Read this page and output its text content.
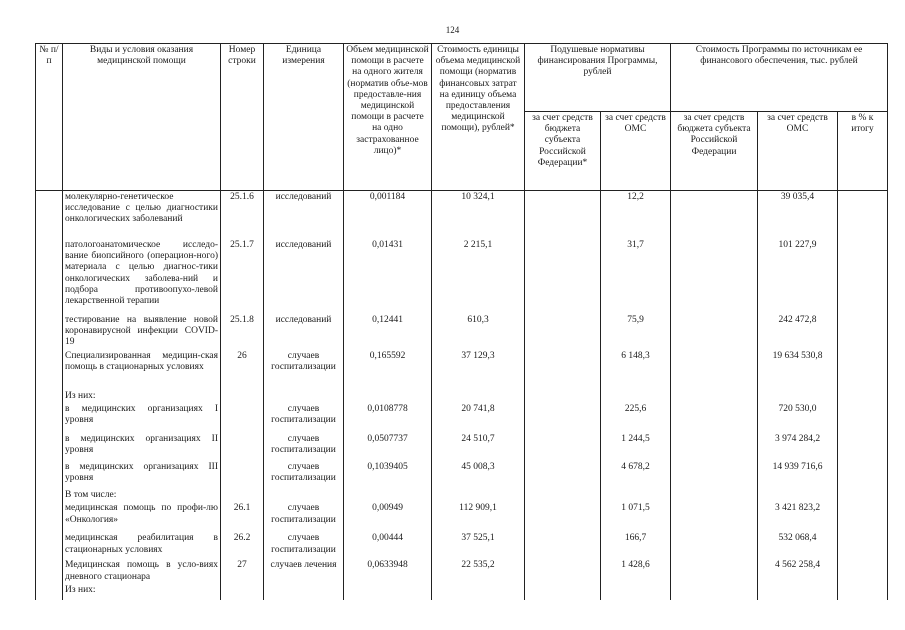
124
№ п/п	Виды и условия оказания медицинской помощи	Номер строки	Единица измерения	Объем медицинской помощи в расчете на одного жителя (норматив объе-мов предоставле-ния медицинской помощи в расчете на одно застрахованное лицо)*	Стоимость единицы объема медицинской помощи (норматив финансовых затрат на единицу объема предоставления медицинской помощи), рублей*	Подушевые нормативы финансирования Программы, рублей		Стоимость Программы по источникам ее финансового обеспечения, тыс. рублей		
						за счет средств бюджета субъекта Российской Федерации*	за счет средств ОМС	за счет средств бюджета субъекта Российской Федерации	за счет средств ОМС	в % к итогу
	молекулярно-генетическое исследование с целью диагностики онкологических заболеваний	25.1.6	исследований	0,001184	10 324,1		12,2		39 035,4	
	патологоанатомическое исследо-вание биопсийного (операцион-ного) материала с целью диагнос-тики онкологических заболева-ний и подбора противоопухо-левой лекарственной терапии	25.1.7	исследований	0,01431	2 215,1		31,7		101 227,9	
	тестирование на выявление новой коронавирусной инфекции COVID-19	25.1.8	исследований	0,12441	610,3		75,9		242 472,8	
	Специализированная медицин-ская помощь в стационарных условиях	26	случаев госпитализации	0,165592	37 129,3		6 148,3		19 634 530,8	
	Из них:									
	в медицинских организациях I уровня		случаев госпитализации	0,0108778	20 741,8		225,6		720 530,0	
	в медицинских организациях II уровня		случаев госпитализации	0,0507737	24 510,7		1 244,5		3 974 284,2	
	в медицинских организациях III уровня		случаев госпитализации	0,1039405	45 008,3		4 678,2		14 939 716,6	
	В том числе:									
	медицинская помощь по профи-лю «Онкология»	26.1	случаев госпитализации	0,00949	112 909,1		1 071,5		3 421 823,2	
	медицинская реабилитация в стационарных условиях	26.2	случаев госпитализации	0,00444	37 525,1		166,7		532 068,4	
	Медицинская помощь в усло-виях дневного стационара	27	случаев лечения	0,0633948	22 535,2		1 428,6		4 562 258,4	
	Из них:									
